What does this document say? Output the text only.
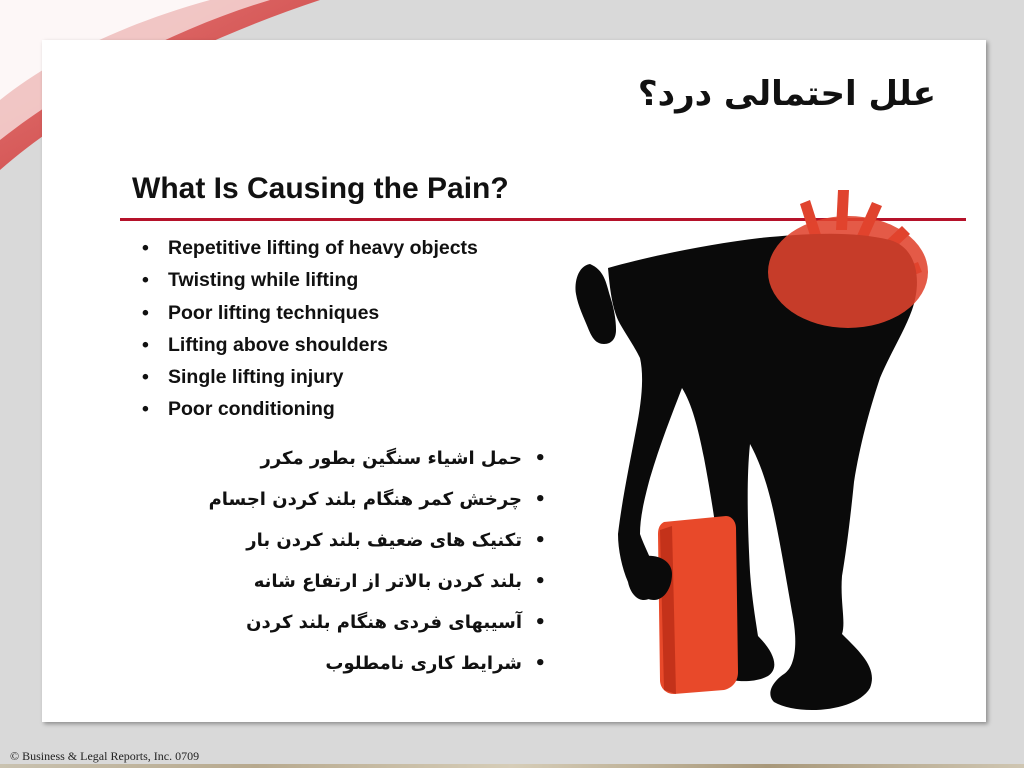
علل احتمالی درد؟
What Is Causing the Pain?
• Repetitive lifting of heavy objects
• Twisting while lifting
• Poor lifting techniques
• Lifting above shoulders
• Single lifting injury
• Poor conditioning
•حمل اشیاء سنگین بطور مکرر
•چرخش کمر هنگام بلند کردن اجسام
•تکنیک های ضعیف بلند کردن بار
•بلند کردن بالاتر از ارتفاع شانه
•آسیبهای فردی هنگام بلند کردن
•شرایط کاری نامطلوب
© Business & Legal Reports, Inc. 0709
